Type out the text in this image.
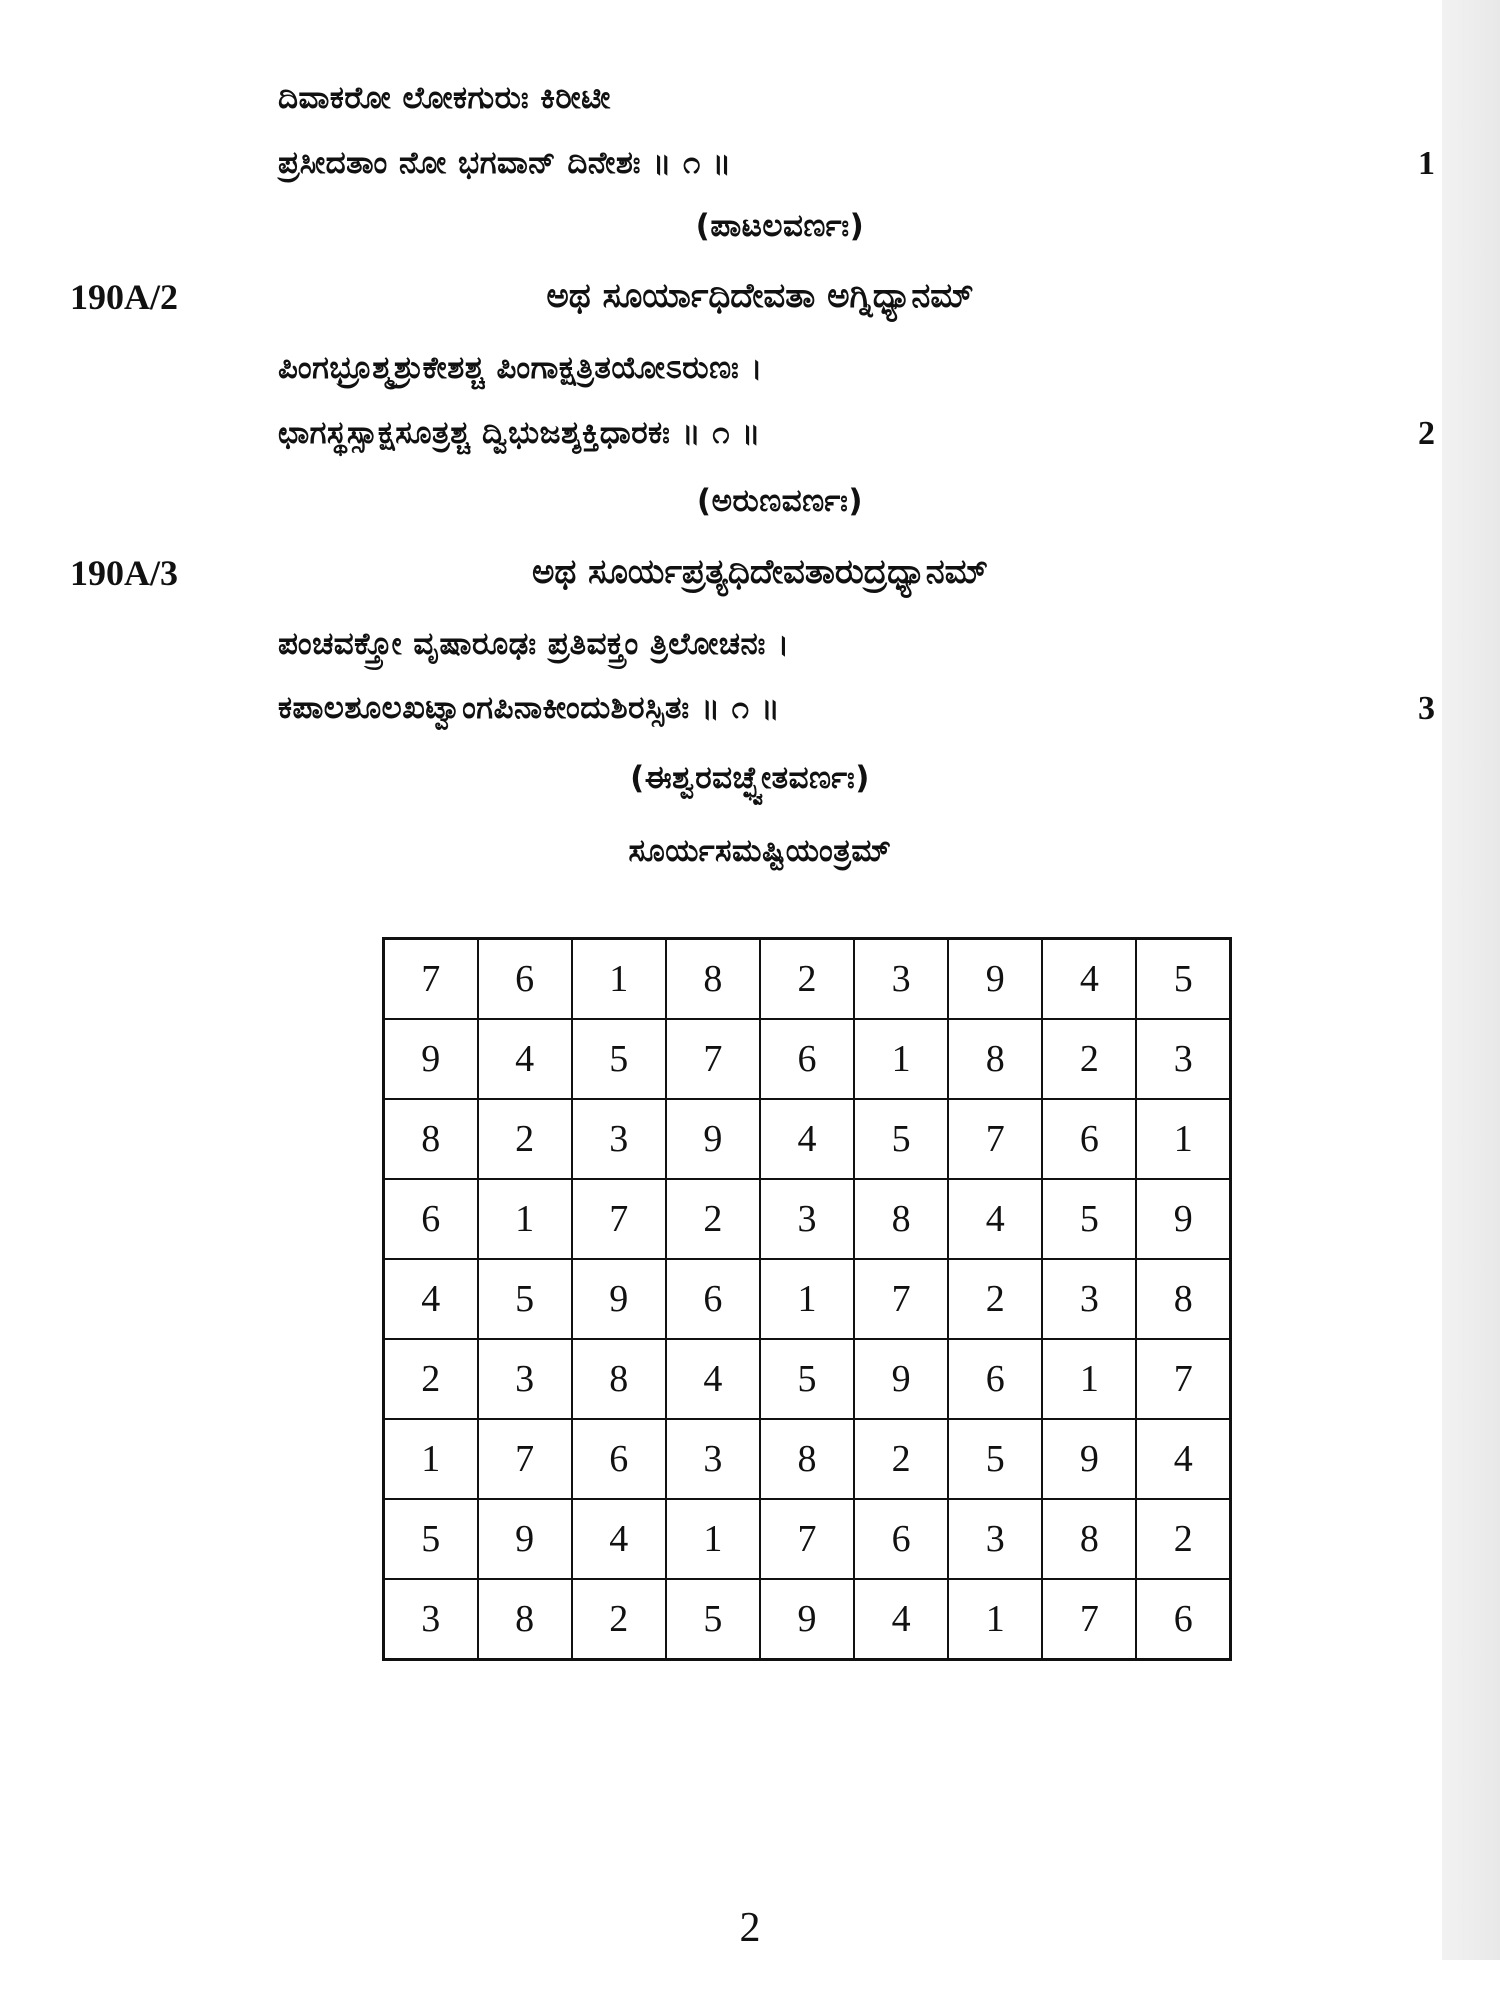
ದಿವಾಕರೋ ಲೋಕಗುರುಃ ಕಿರೀಟೀ
ಪ್ರಸೀದತಾಂ ನೋ ಭಗವಾನ್ ದಿನೇಶಃ ॥ ೧ ॥	1
(ಪಾಟಲವರ್ಣಃ)
190A/2	ಅಥ ಸೂರ್ಯಾಧಿದೇವತಾ ಅಗ್ನಿಧ್ಯಾನಮ್
ಪಿಂಗಭ್ರೂಶ್ಮಶ್ರುಕೇಶಶ್ಚ ಪಿಂಗಾಕ್ಷತ್ರಿತಯೋಽರುಣಃ ।
ಛಾಗಸ್ಥಸ್ಸಾಕ್ಷಸೂತ್ರಶ್ಚ ದ್ವಿಭುಜಶ್ಶಕ್ತಿಧಾರಕಃ ॥ ೧ ॥	2
(ಅರುಣವರ್ಣಃ)
190A/3	ಅಥ ಸೂರ್ಯಪ್ರತ್ಯಧಿದೇವತಾರುದ್ರಧ್ಯಾನಮ್
ಪಂಚವಕ್ತ್ರೋ ವೃಷಾರೂಢಃ ಪ್ರತಿವಕ್ತ್ರಂ ತ್ರಿಲೋಚನಃ ।
ಕಪಾಲಶೂಲಖಟ್ವಾಂಗಪಿನಾಕೀಂದುಶಿರಸ್ಸಿತಃ ॥ ೧ ॥	3
(ಈಶ್ವರವಚ್ಛ್ವೇತವರ್ಣಃ)
ಸೂರ್ಯಸಮಷ್ಟಿಯಂತ್ರಮ್
7	6	1	8	2	3	9	4	5
9	4	5	7	6	1	8	2	3
8	2	3	9	4	5	7	6	1
6	1	7	2	3	8	4	5	9
4	5	9	6	1	7	2	3	8
2	3	8	4	5	9	6	1	7
1	7	6	3	8	2	5	9	4
5	9	4	1	7	6	3	8	2
3	8	2	5	9	4	1	7	6
2
